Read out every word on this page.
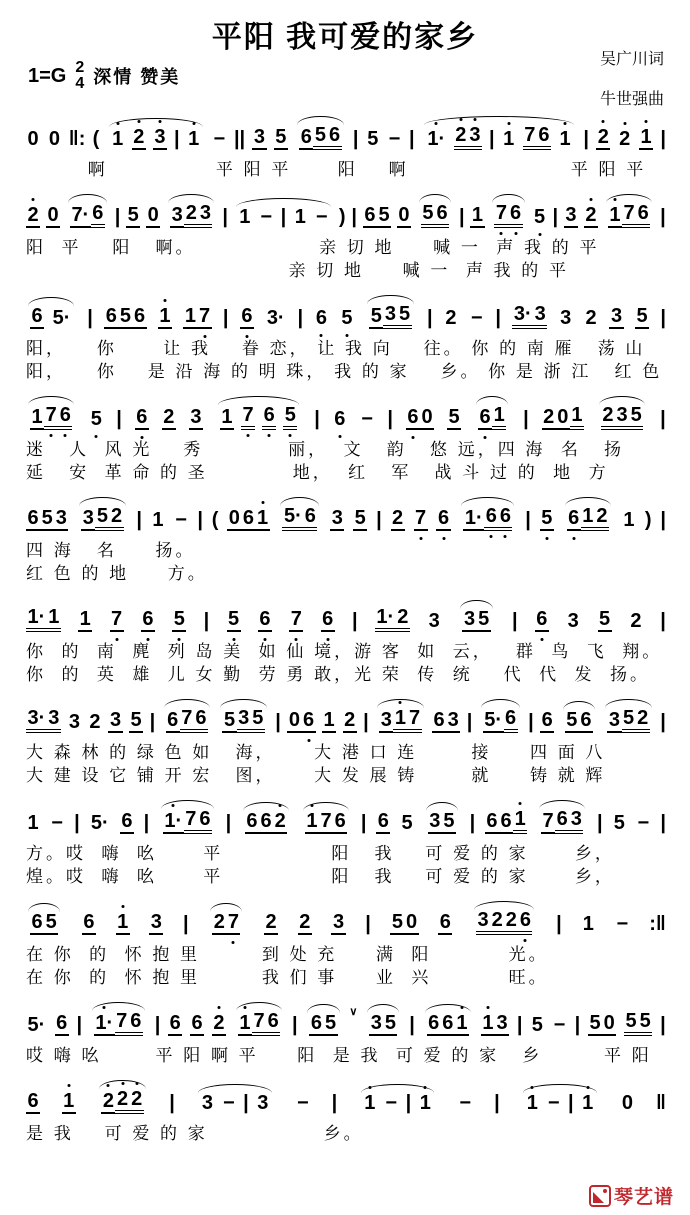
平阳 我可爱的家乡
吴广川词
牛世强曲
1=G 2
4 深情 赞美
0 0 ‖: ( 1 2 3 | 1 − || 3 5 6 5 6 | 5 − | 1· 2 3 | 1 7 6 1 | 2 2 1 |
啊              平 阳 平      阳    啊                     平 阳 平
2 0 7· 6 | 5 0 3 2 3 | 1 − | 1 − ) | 6 5 0 5 6 | 1 7 6 5 | 3 2 1 7 6 |
阳  平    阳   啊。                亲 切 地     喊 一  声 我 的 平
亲 切 地     喊 一  声 我 的 平
6 5· | 6 5 6 1 1 7 | 6 3· | 6 5 5 3 5 | 2 − | 3· 3 3 2 3 5 |
阳，    你      让 我    眷 恋， 让 我 向    往。 你 的 南 雁   荡 山
阳，    你    是 沿 海 的 明 珠， 我 的 家    乡。 你 是 浙 江   红 色
1 7 6 5 | 6 2 3 1 7 6 5 | 6 − | 6 0 5 6 1 | 2 0 1 2 3 5 |
迷   人  风 光    秀           丽，  文   韵   悠 远，四 海  名   扬
延   安  革 命 的 圣           地，  红   军   战 斗 过 的  地  方
6 5 3 3 5 2 | 1 − | ( 0 6 1 5· 6 3 5 | 2 7 6 1· 6 6 | 5 6 1 2 1 ) |
四 海   名     扬。
红 色 的 地     方。
1· 1 1 7 6 5 | 5 6 7 6 | 1· 2 3 3 5 | 6 3 5 2 |
你  的  南  麂  列 岛 美  如 仙 境，游 客  如  云，   群  鸟  飞  翔。
你  的  英  雄  儿 女 勤  劳 勇 敢，光 荣  传  统    代  代  发  扬。
3· 3 3 2 3 5 | 6 7 6 5 3 5 | 0 6 1 2 | 3 1 7 6 3 | 5· 6 | 6 5 6 3 5 2 |
大 森 林 的 绿 色 如   海，     大 港 口 连       接     四 面 八
大 建 设 它 铺 开 宏   图，     大 发 展 铸       就     铸 就 辉
1 − | 5· 6 | 1· 7 6 | 6 6 2 1 7 6 | 6 5 3 5 | 6 6 1 7 6 3 | 5 − |
方。哎  嗨  吆      平              阳   我    可 爱 的 家      乡，
煌。哎  嗨  吆      平              阳   我    可 爱 的 家      乡，
6 5 6 1 3 | 2 7 2 2 3 | 5 0 6 3 2 2 6 | 1 − :‖
在 你  的  怀 抱 里        到 处 充     满  阳          光。
在 你  的  怀 抱 里        我 们 事     业  兴          旺。
5· 6 | 1· 7 6 | 6 6 2 1 7 6 | 6 5 ∨ 3 5 | 6 6 1 1 3 | 5 − | 5 0 5 5 |
哎 嗨 吆       平 阳 啊 平     阳  是 我  可 爱 的 家   乡        平 阳
6 1 2 2 2 | 3 − | 3 − | 1 − | 1 − | 1 − | 1 0 ‖
是 我    可 爱 的 家               乡。
琴艺谱
